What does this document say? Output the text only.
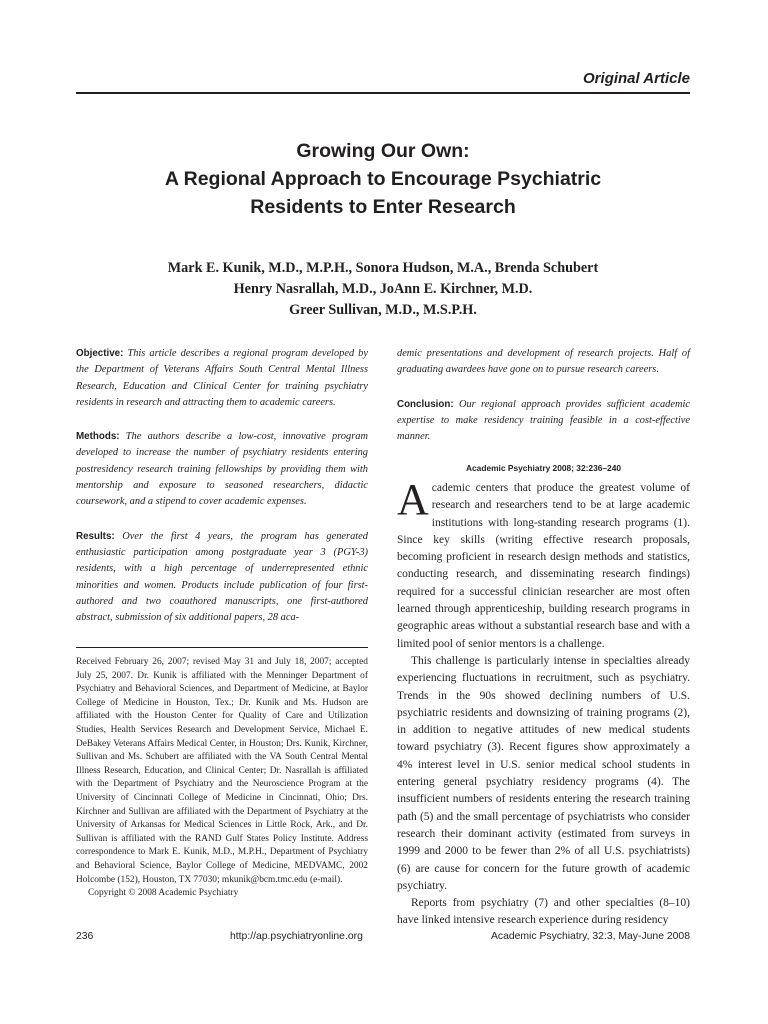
Original Article
Growing Our Own:
A Regional Approach to Encourage Psychiatric
Residents to Enter Research
Mark E. Kunik, M.D., M.P.H., Sonora Hudson, M.A., Brenda Schubert
Henry Nasrallah, M.D., JoAnn E. Kirchner, M.D.
Greer Sullivan, M.D., M.S.P.H.

Objective: This article describes a regional program developed by the Department of Veterans Affairs South Central Mental Illness Research, Education and Clinical Center for training psychiatry residents in research and attracting them to academic careers.

Methods: The authors describe a low-cost, innovative program developed to increase the number of psychiatry residents entering postresidency research training fellowships by providing them with mentorship and exposure to seasoned researchers, didactic coursework, and a stipend to cover academic expenses.

Results: Over the first 4 years, the program has generated enthusiastic participation among postgraduate year 3 (PGY-3) residents, with a high percentage of underrepresented ethnic minorities and women. Products include publication of four first-authored and two coauthored manuscripts, one first-authored abstract, submission of six additional papers, 28 aca-

demic presentations and development of research projects. Half of graduating awardees have gone on to pursue research careers.

Conclusion: Our regional approach provides sufficient academic expertise to make residency training feasible in a cost-effective manner.

Academic Psychiatry 2008; 32:236–240

Academic centers that produce the greatest volume of research and researchers tend to be at large academic institutions with long-standing research programs (1). Since key skills (writing effective research proposals, becoming proficient in research design methods and statistics, conducting research, and disseminating research findings) required for a successful clinician researcher are most often learned through apprenticeship, building research programs in geographic areas without a substantial research base and with a limited pool of senior mentors is a challenge.

This challenge is particularly intense in specialties already experiencing fluctuations in recruitment, such as psychiatry. Trends in the 90s showed declining numbers of U.S. psychiatric residents and downsizing of training programs (2), in addition to negative attitudes of new medical students toward psychiatry (3). Recent figures show approximately a 4% interest level in U.S. senior medical school students in entering general psychiatry residency programs (4). The insufficient numbers of residents entering the research training path (5) and the small percentage of psychiatrists who consider research their dominant activity (estimated from surveys in 1999 and 2000 to be fewer than 2% of all U.S. psychiatrists) (6) are cause for concern for the future growth of academic psychiatry.

Reports from psychiatry (7) and other specialties (8–10) have linked intensive research experience during residency

Received February 26, 2007; revised May 31 and July 18, 2007; accepted July 25, 2007. Dr. Kunik is affiliated with the Menninger Department of Psychiatry and Behavioral Sciences, and Department of Medicine, at Baylor College of Medicine in Houston, Tex.; Dr. Kunik and Ms. Hudson are affiliated with the Houston Center for Quality of Care and Utilization Studies, Health Services Research and Development Service, Michael E. DeBakey Veterans Affairs Medical Center, in Houston; Drs. Kunik, Kirchner, Sullivan and Ms. Schubert are affiliated with the VA South Central Mental Illness Research, Education, and Clinical Center; Dr. Nasrallah is affiliated with the Department of Psychiatry and the Neuroscience Program at the University of Cincinnati College of Medicine in Cincinnati, Ohio; Drs. Kirchner and Sullivan are affiliated with the Department of Psychiatry at the University of Arkansas for Medical Sciences in Little Rock, Ark., and Dr. Sullivan is affiliated with the RAND Gulf States Policy Institute. Address correspondence to Mark E. Kunik, M.D., M.P.H., Department of Psychiatry and Behavioral Science, Baylor College of Medicine, MEDVAMC, 2002 Holcombe (152), Houston, TX 77030; mkunik@bcm.tmc.edu (e-mail).

Copyright © 2008 Academic Psychiatry

236	http://ap.psychiatryonline.org	Academic Psychiatry, 32:3, May-June 2008
